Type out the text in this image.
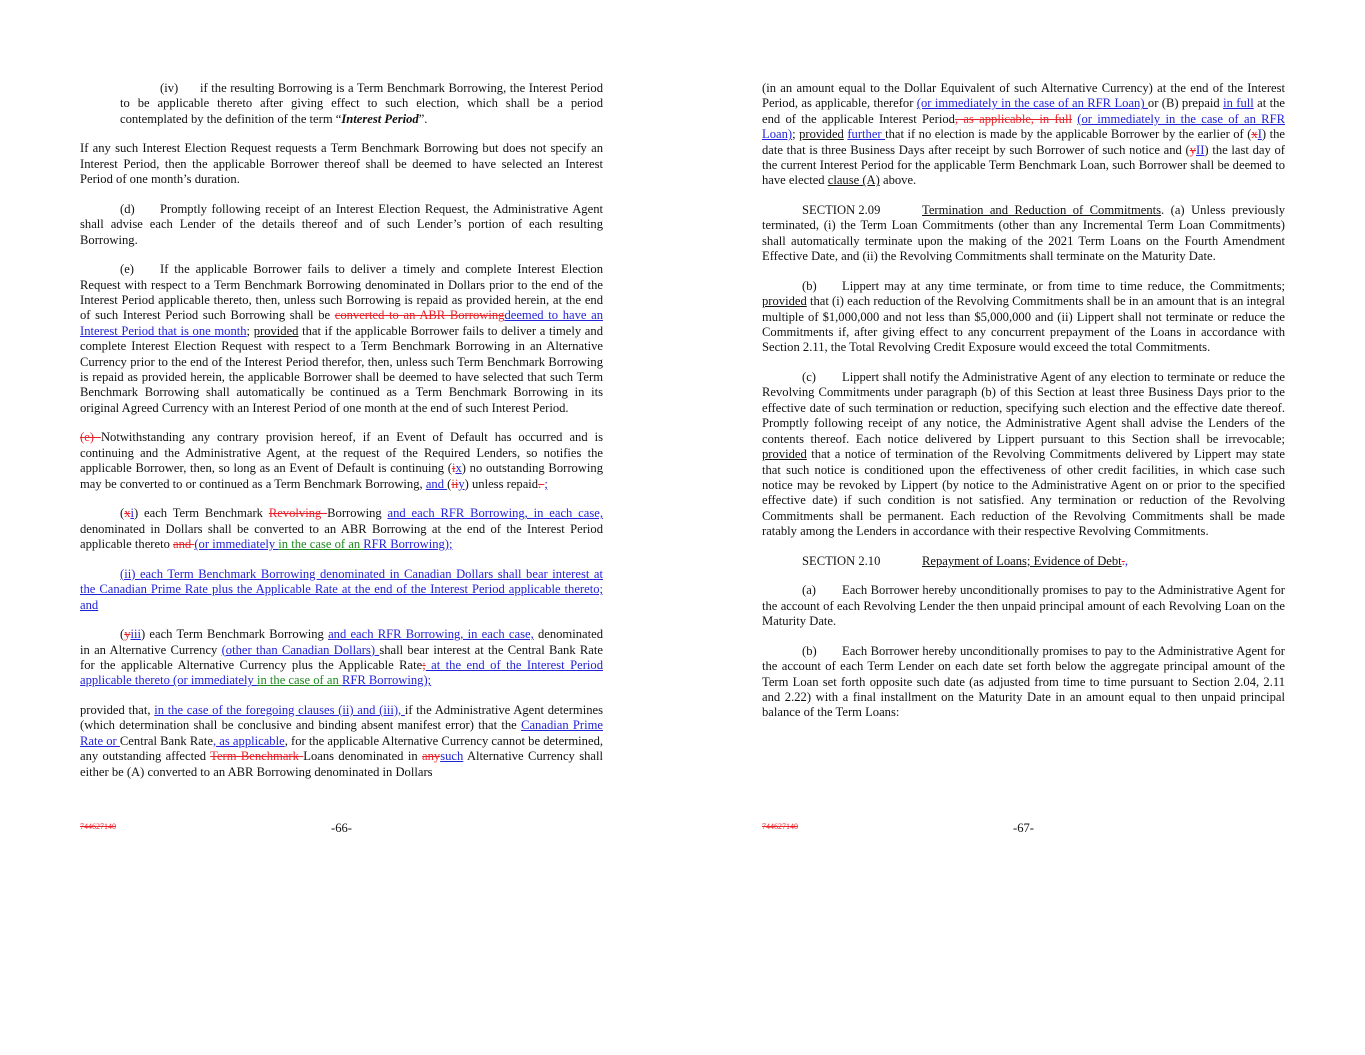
(iv) if the resulting Borrowing is a Term Benchmark Borrowing, the Interest Period to be applicable thereto after giving effect to such election, which shall be a period contemplated by the definition of the term “Interest Period”.

If any such Interest Election Request requests a Term Benchmark Borrowing but does not specify an Interest Period, then the applicable Borrower thereof shall be deemed to have selected an Interest Period of one month’s duration.

(d) Promptly following receipt of an Interest Election Request, the Administrative Agent shall advise each Lender of the details thereof and of such Lender’s portion of each resulting Borrowing.

(e) If the applicable Borrower fails to deliver a timely and complete Interest Election Request with respect to a Term Benchmark Borrowing denominated in Dollars prior to the end of the Interest Period applicable thereto, then, unless such Borrowing is repaid as provided herein, at the end of such Interest Period such Borrowing shall be converted to an ABR Borrowingdeemed to have an Interest Period that is one month; provided that if the applicable Borrower fails to deliver a timely and complete Interest Election Request with respect to a Term Benchmark Borrowing in an Alternative Currency prior to the end of the Interest Period therefor, then, unless such Term Benchmark Borrowing is repaid as provided herein, the applicable Borrower shall be deemed to have selected that such Term Benchmark Borrowing shall automatically be continued as a Term Benchmark Borrowing in its original Agreed Currency with an Interest Period of one month at the end of such Interest Period.

(e) Notwithstanding any contrary provision hereof, if an Event of Default has occurred and is continuing and the Administrative Agent, at the request of the Required Lenders, so notifies the applicable Borrower, then, so long as an Event of Default is continuing (ix) no outstanding Borrowing may be converted to or continued as a Term Benchmark Borrowing, and (iiy) unless repaid. ;

(xi) each Term Benchmark Revolving Borrowing and each RFR Borrowing, in each case, denominated in Dollars shall be converted to an ABR Borrowing at the end of the Interest Period applicable thereto and (or immediately in the case of an RFR Borrowing);

(ii) each Term Benchmark Borrowing denominated in Canadian Dollars shall bear interest at the Canadian Prime Rate plus the Applicable Rate at the end of the Interest Period applicable thereto; and

(yiii) each Term Benchmark Borrowing and each RFR Borrowing, in each case, denominated in an Alternative Currency (other than Canadian Dollars) shall bear interest at the Central Bank Rate for the applicable Alternative Currency plus the Applicable Rate; at the end of the Interest Period applicable thereto (or immediately in the case of an RFR Borrowing);

provided that, in the case of the foregoing clauses (ii) and (iii), if the Administrative Agent determines (which determination shall be conclusive and binding absent manifest error) that the Canadian Prime Rate or Central Bank Rate, as applicable, for the applicable Alternative Currency cannot be determined, any outstanding affected Term Benchmark Loans denominated in anysuch Alternative Currency shall either be (A) converted to an ABR Borrowing denominated in Dollars

(in an amount equal to the Dollar Equivalent of such Alternative Currency) at the end of the Interest Period, as applicable, therefor (or immediately in the case of an RFR Loan) or (B) prepaid in full at the end of the applicable Interest Period, as applicable, in full (or immediately in the case of an RFR Loan); provided further that if no election is made by the applicable Borrower by the earlier of (xI) the date that is three Business Days after receipt by such Borrower of such notice and (yII) the last day of the current Interest Period for the applicable Term Benchmark Loan, such Borrower shall be deemed to have elected clause (A) above.

SECTION 2.09	Termination and Reduction of Commitments. (a) Unless previously terminated, (i) the Term Loan Commitments (other than any Incremental Term Loan Commitments) shall automatically terminate upon the making of the 2021 Term Loans on the Fourth Amendment Effective Date, and (ii) the Revolving Commitments shall terminate on the Maturity Date.

(b) Lippert may at any time terminate, or from time to time reduce, the Commitments; provided that (i) each reduction of the Revolving Commitments shall be in an amount that is an integral multiple of $1,000,000 and not less than $5,000,000 and (ii) Lippert shall not terminate or reduce the Commitments if, after giving effect to any concurrent prepayment of the Loans in accordance with Section 2.11, the Total Revolving Credit Exposure would exceed the total Commitments.

(c) Lippert shall notify the Administrative Agent of any election to terminate or reduce the Revolving Commitments under paragraph (b) of this Section at least three Business Days prior to the effective date of such termination or reduction, specifying such election and the effective date thereof. Promptly following receipt of any notice, the Administrative Agent shall advise the Lenders of the contents thereof. Each notice delivered by Lippert pursuant to this Section shall be irrevocable; provided that a notice of termination of the Revolving Commitments delivered by Lippert may state that such notice is conditioned upon the effectiveness of other credit facilities, in which case such notice may be revoked by Lippert (by notice to the Administrative Agent on or prior to the specified effective date) if such condition is not satisfied. Any termination or reduction of the Revolving Commitments shall be permanent. Each reduction of the Revolving Commitments shall be made ratably among the Lenders in accordance with their respective Revolving Commitments.

SECTION 2.10	Repayment of Loans; Evidence of Debt.,

(a) Each Borrower hereby unconditionally promises to pay to the Administrative Agent for the account of each Revolving Lender the then unpaid principal amount of each Revolving Loan on the Maturity Date.

(b) Each Borrower hereby unconditionally promises to pay to the Administrative Agent for the account of each Term Lender on each date set forth below the aggregate principal amount of the Term Loan set forth opposite such date (as adjusted from time to time pursuant to Section 2.04, 2.11 and 2.22) with a final installment on the Maturity Date in an amount equal to then unpaid principal balance of the Term Loans:

744627140	-66-	744627140	-67-
